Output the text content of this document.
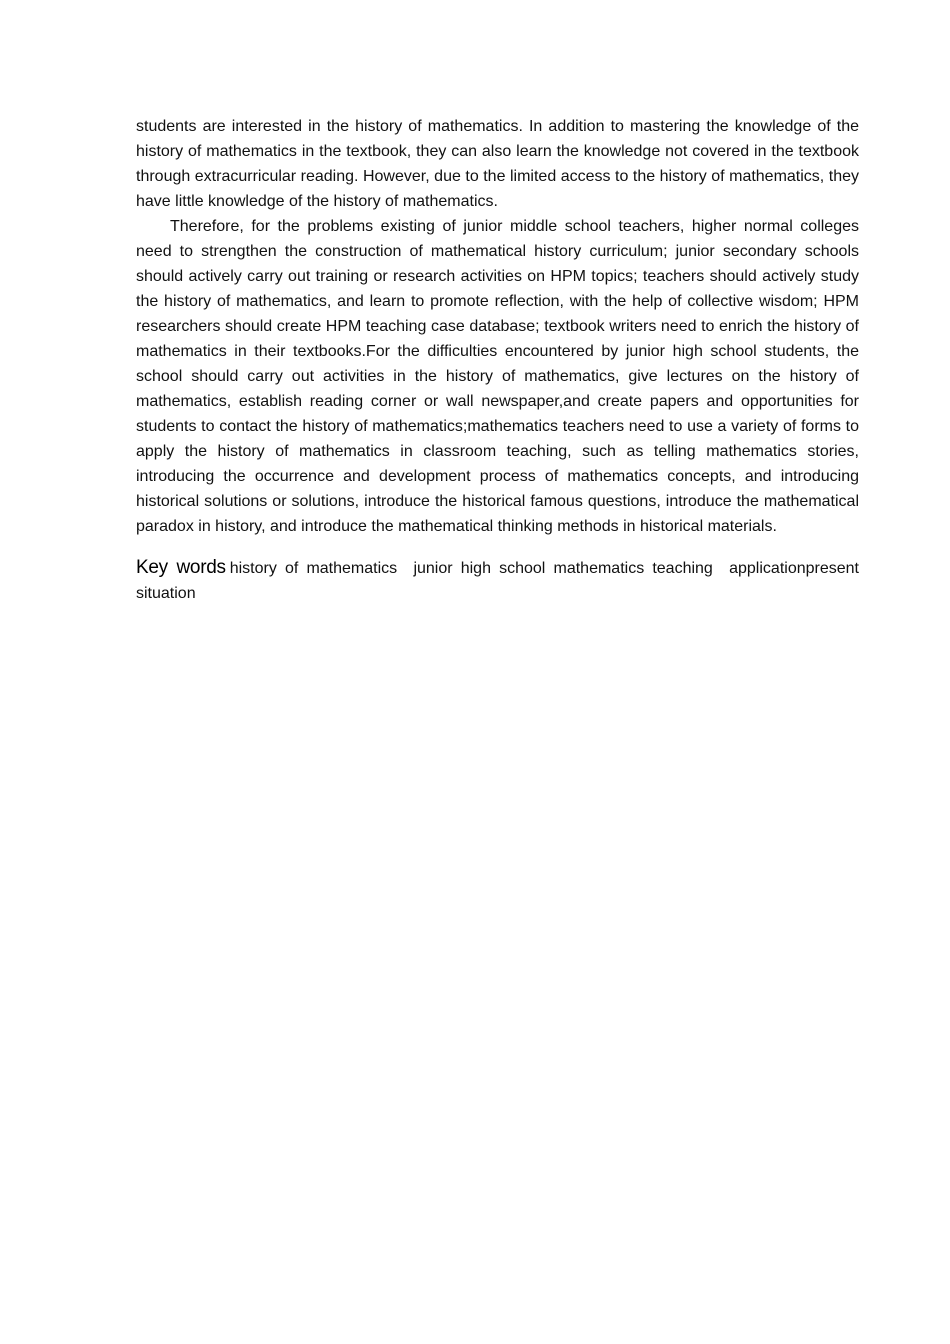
students are interested in the history of mathematics. In addition to mastering the knowledge of the history of mathematics in the textbook, they can also learn the knowledge not covered in the textbook through extracurricular reading. However, due to the limited access to the history of mathematics, they have little knowledge of the history of mathematics.

Therefore, for the problems existing of junior middle school teachers, higher normal colleges need to strengthen the construction of mathematical history curriculum; junior secondary schools should actively carry out training or research activities on HPM topics; teachers should actively study the history of mathematics, and learn to promote reflection, with the help of collective wisdom; HPM researchers should create HPM teaching case database; textbook writers need to enrich the history of mathematics in their textbooks.For the difficulties encountered by junior high school students, the school should carry out activities in the history of mathematics, give lectures on the history of mathematics, establish reading corner or wall newspaper,and create papers and opportunities for students to contact the history of mathematics;mathematics teachers need to use a variety of forms to apply the history of mathematics in classroom teaching, such as telling mathematics stories, introducing the occurrence and development process of mathematics concepts, and introducing historical solutions or solutions, introduce the historical famous questions, introduce the mathematical paradox in history, and introduce the mathematical thinking methods in historical materials.

Key words history of mathematics  junior high school mathematics teaching  applicationpresent situation
